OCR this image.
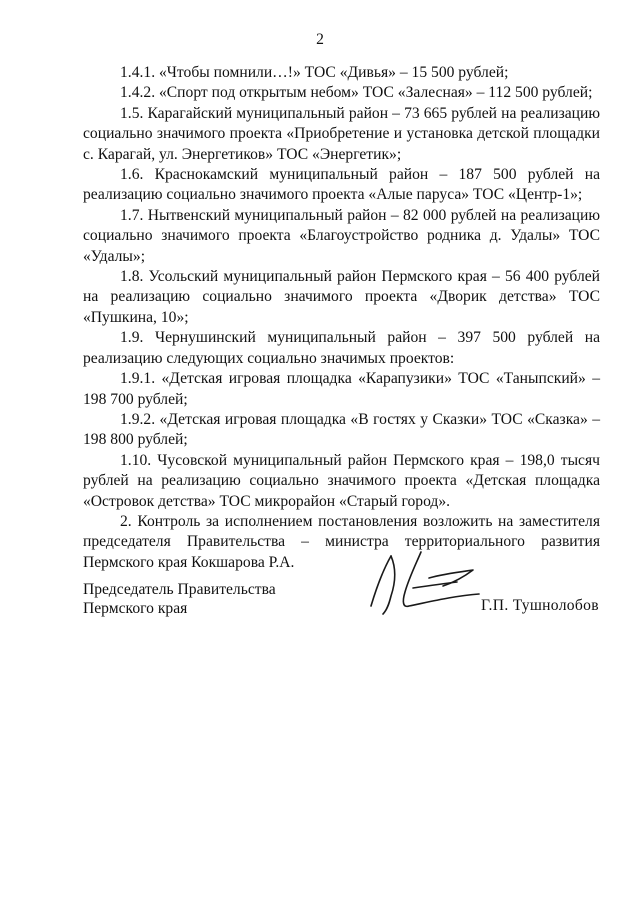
2

1.4.1. «Чтобы помнили…!» ТОС «Дивья» – 15 500 рублей;

1.4.2. «Спорт под открытым небом» ТОС «Залесная» – 112 500 рублей;

1.5. Карагайский муниципальный район – 73 665 рублей на реализацию социально значимого проекта «Приобретение и установка детской площадки с. Карагай, ул. Энергетиков» ТОС «Энергетик»;

1.6. Краснокамский муниципальный район – 187 500 рублей на реализацию социально значимого проекта «Алые паруса» ТОС «Центр-1»;

1.7. Нытвенский муниципальный район – 82 000 рублей на реализацию социально значимого проекта «Благоустройство родника д. Удалы» ТОС «Удалы»;

1.8. Усольский муниципальный район Пермского края – 56 400 рублей на реализацию социально значимого проекта «Дворик детства» ТОС «Пушкина, 10»;

1.9. Чернушинский муниципальный район – 397 500 рублей на реализацию следующих социально значимых проектов:

1.9.1. «Детская игровая площадка «Карапузики» ТОС «Таныпский» – 198 700 рублей;

1.9.2. «Детская игровая площадка «В гостях у Сказки» ТОС «Сказка» – 198 800 рублей;

1.10. Чусовской муниципальный район Пермского края – 198,0 тысяч рублей на реализацию социально значимого проекта «Детская площадка «Островок детства» ТОС микрорайон «Старый город».

2. Контроль за исполнением постановления возложить на заместителя председателя Правительства – министра территориального развития Пермского края Кокшарова Р.А.

Председатель Правительства
Пермского края	Г.П. Тушнолобов
